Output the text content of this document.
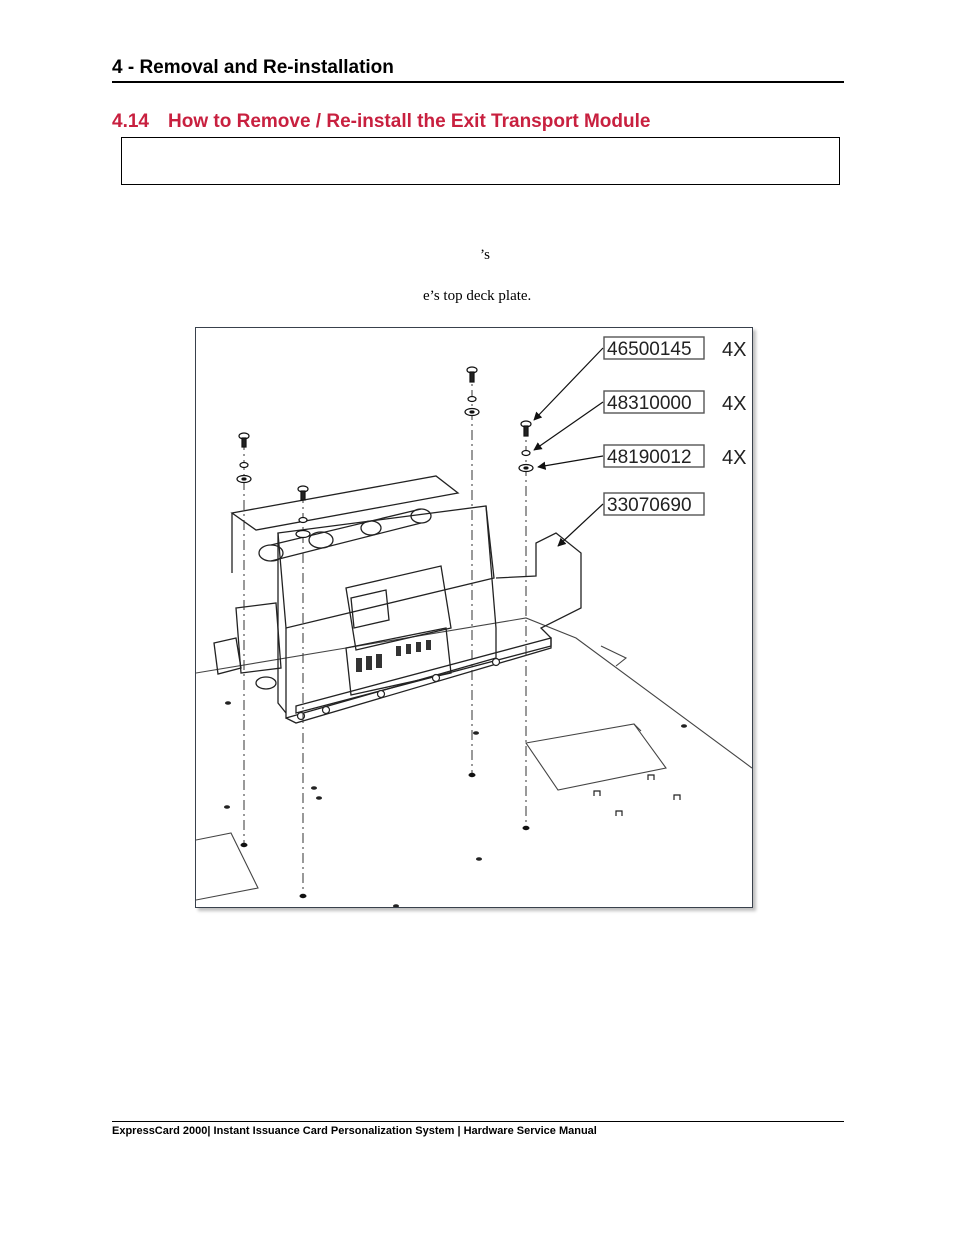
4 - Removal and Re-installation
4.14 How to Remove / Re-install the Exit Transport Module
’s
e’s top deck plate.
46500145 4X
48310000 4X
48190012 4X
33070690
ExpressCard 2000| Instant Issuance Card Personalization System | Hardware Service Manual
